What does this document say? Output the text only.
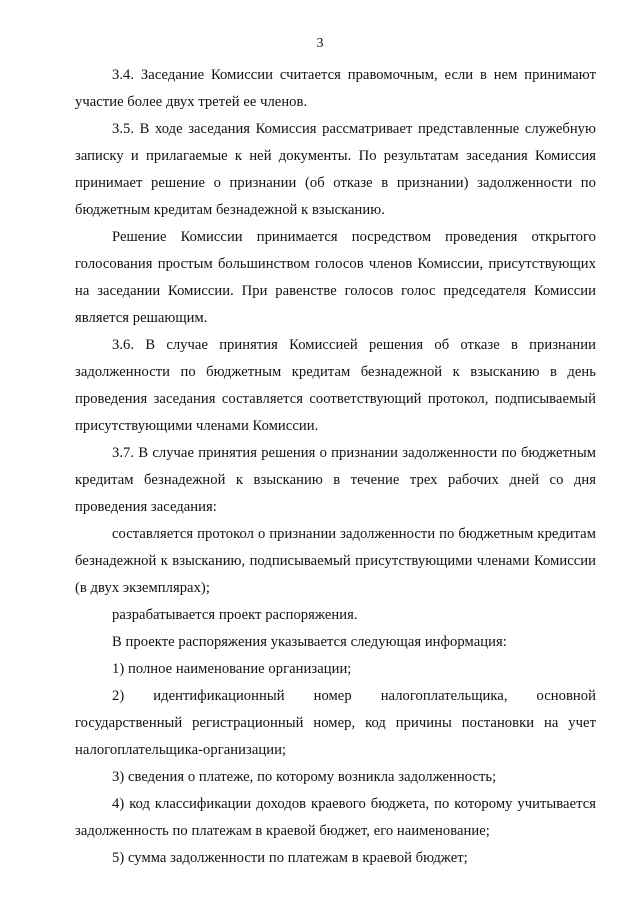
3

3.4. Заседание Комиссии считается правомочным, если в нем принимают участие более двух третей ее членов.

3.5. В ходе заседания Комиссия рассматривает представленные служебную записку и прилагаемые к ней документы. По результатам заседания Комиссия принимает решение о признании (об отказе в признании) задолженности по бюджетным кредитам безнадежной к взысканию.

Решение Комиссии принимается посредством проведения открытого голосования простым большинством голосов членов Комиссии, присутствующих на заседании Комиссии. При равенстве голосов голос председателя Комиссии является решающим.

3.6. В случае принятия Комиссией решения об отказе в признании задолженности по бюджетным кредитам безнадежной к взысканию в день проведения заседания составляется соответствующий протокол, подписываемый присутствующими членами Комиссии.

3.7. В случае принятия решения о признании задолженности по бюджетным кредитам безнадежной к взысканию в течение трех рабочих дней со дня проведения заседания:

составляется протокол о признании задолженности по бюджетным кредитам безнадежной к взысканию, подписываемый присутствующими членами Комиссии (в двух экземплярах);

разрабатывается проект распоряжения.

В проекте распоряжения указывается следующая информация:

1) полное наименование организации;

2) идентификационный номер налогоплательщика, основной государственный регистрационный номер, код причины постановки на учет налогоплательщика-организации;

3) сведения о платеже, по которому возникла задолженность;

4) код классификации доходов краевого бюджета, по которому учитывается задолженность по платежам в краевой бюджет, его наименование;

5) сумма задолженности по платежам в краевой бюджет;
